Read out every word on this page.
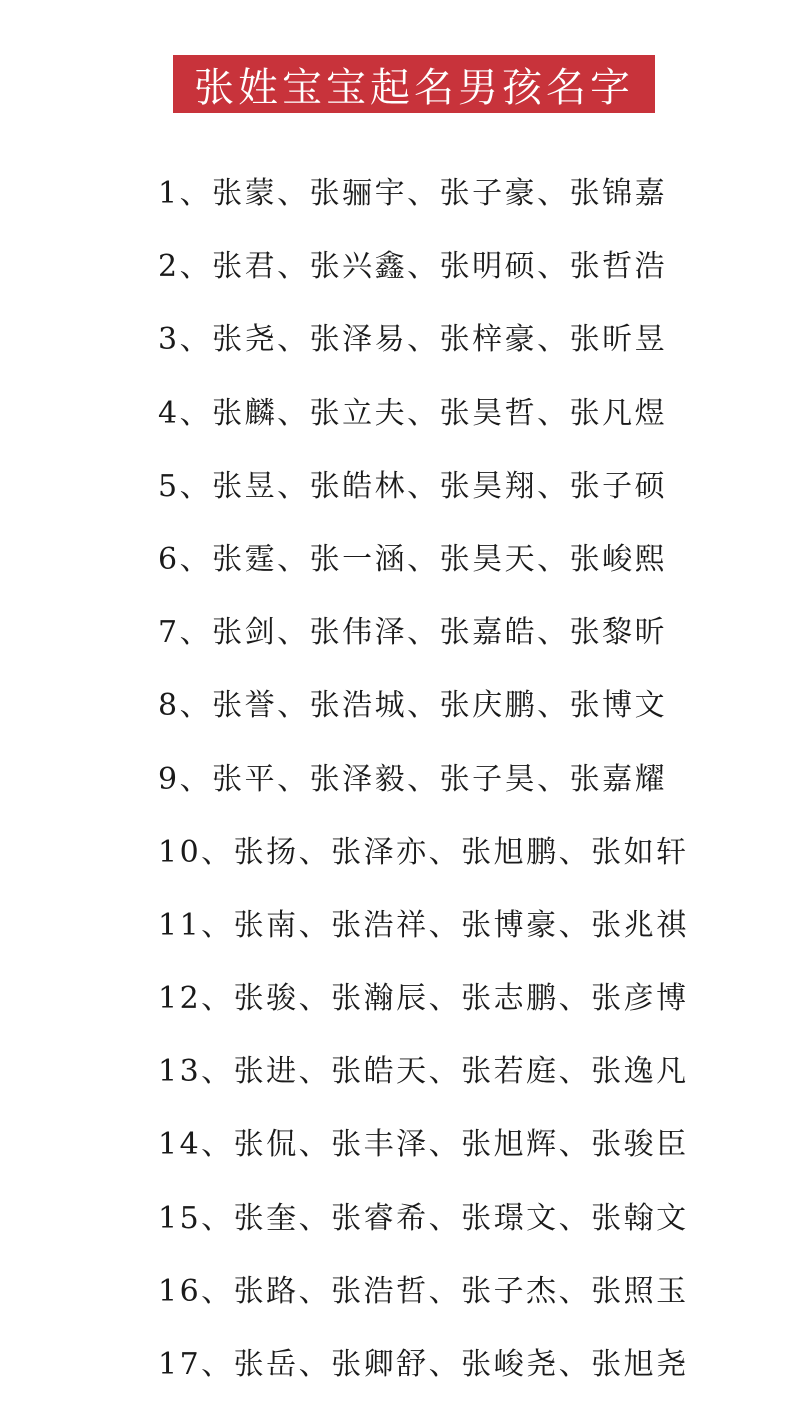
张姓宝宝起名男孩名字
1、张蒙、张骊宇、张子豪、张锦嘉
2、张君、张兴鑫、张明硕、张哲浩
3、张尧、张泽易、张梓豪、张昕昱
4、张麟、张立夫、张昊哲、张凡煜
5、张昱、张皓林、张昊翔、张子硕
6、张霆、张一涵、张昊天、张峻熙
7、张剑、张伟泽、张嘉皓、张黎昕
8、张誉、张浩城、张庆鹏、张博文
9、张平、张泽毅、张子昊、张嘉耀
10、张扬、张泽亦、张旭鹏、张如轩
11、张南、张浩祥、张博豪、张兆祺
12、张骏、张瀚辰、张志鹏、张彦博
13、张进、张皓天、张若庭、张逸凡
14、张侃、张丰泽、张旭辉、张骏臣
15、张奎、张睿希、张璟文、张翰文
16、张路、张浩哲、张子杰、张照玉
17、张岳、张卿舒、张峻尧、张旭尧
